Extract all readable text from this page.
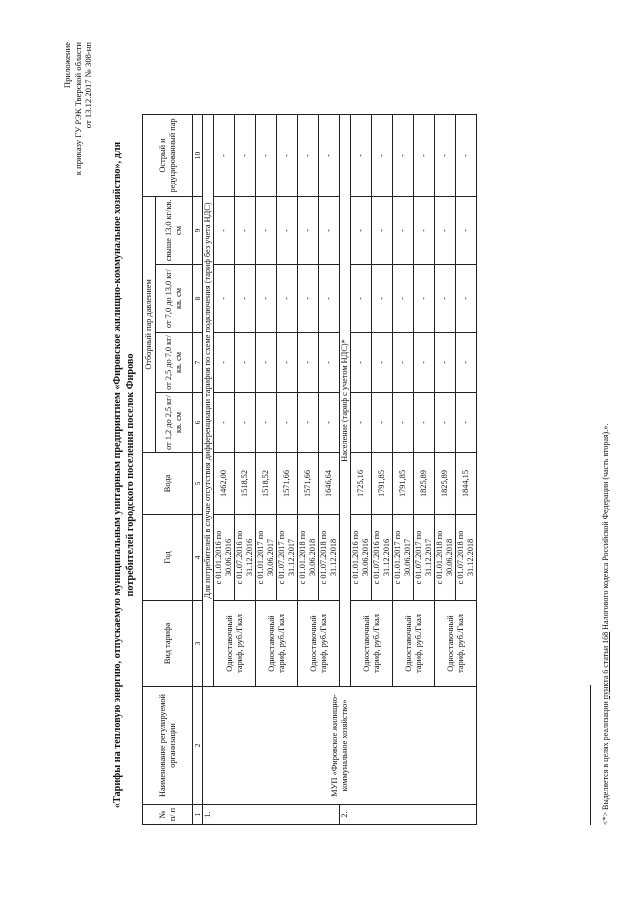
Приложение к приказу ГУ РЭК Тверской области от 13.12.2017 № 308-нп
«Тарифы на тепловую энергию, отпускаемую муниципальным унитарным предприятием «Фировское жилищно-коммунальное хозяйство», для потребителей городского поселения поселок Фирово
№ п/ п	Наименование регулируемой организации	Вид тарифа	Год	Вода	Отборный пар давлением				Острый и редуцированный пар
					от 1,2 до 2,5 кг/кв. см	от 2,5 до 7,0 кг/кв. см	от 7,0 до 13,0 кг/кв. см	свыше 13,0 кг/кв. см	
1	2	3	4	5	6	7	8	9	10
1.	МУП «Фировское жилищно-коммунальное хозяйство»	Для потребителей в случае отсутствия дифференциации тарифов по схеме подключения (тариф без учета НДС)							
		Одноставочный тариф, руб./Гкал	с 01.01.2016 по 30.06.2016	1462,00	-	-	-	-	-
			с 01.07.2016 по 31.12.2016	1518,52	-	-	-	-	-
		Одноставочный тариф, руб./Гкал	с 01.01.2017 по 30.06.2017	1518,52	-	-	-	-	-
			с 01.07.2017 по 31.12.2017	1571,66	-	-	-	-	-
		Одноставочный тариф, руб./Гкал	с 01.01.2018 по 30.06.2018	1571,66	-	-	-	-	-
			с 01.07.2018 по 31.12.2018	1646,64	-	-	-	-	-
2.		Население (тариф с учетом НДС)*							
		Одноставочный тариф, руб./Гкал	с 01.01.2016 по 30.06.2016	1725,16	-	-	-	-	-
			с 01.07.2016 по 31.12.2016	1791,85	-	-	-	-	-
		Одноставочный тариф, руб./Гкал	с 01.01.2017 по 30.06.2017	1791,85	-	-	-	-	-
			с 01.07.2017 по 31.12.2017	1825,89	-	-	-	-	-
		Одноставочный тариф, руб./Гкал	с 01.01.2018 по 30.06.2018	1825,89	-	-	-	-	-
			с 01.07.2018 по 31.12.2018	1844,15	-	-	-	-	-
<*> Выделяется в целях реализации пункта 6 статьи 168 Налогового кодекса Российской Федерации (часть вторая).».
